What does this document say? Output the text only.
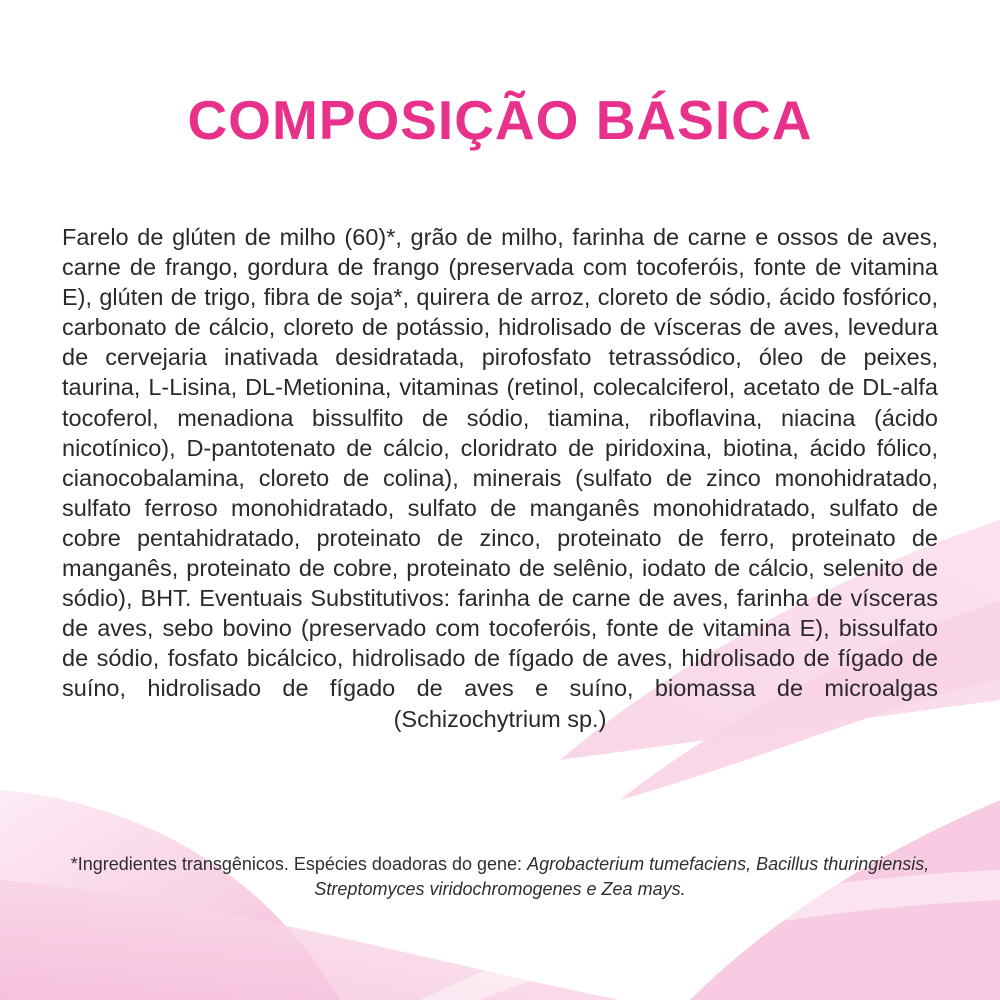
COMPOSIÇÃO BÁSICA
Farelo de glúten de milho (60)*, grão de milho, farinha de carne e ossos de aves, carne de frango, gordura de frango (preservada com tocoferóis, fonte de vitamina E), glúten de trigo, fibra de soja*, quirera de arroz, cloreto de sódio, ácido fosfórico, carbonato de cálcio, cloreto de potássio, hidrolisado de vísceras de aves, levedura de cervejaria inativada desidratada, pirofosfato tetrassódico, óleo de peixes, taurina, L-Lisina, DL-Metionina, vitaminas (retinol, colecalciferol, acetato de DL-alfa tocoferol, menadiona bissulfito de sódio, tiamina, riboflavina, niacina (ácido nicotínico), D-pantotenato de cálcio, cloridrato de piridoxina, biotina, ácido fólico, cianocobalamina, cloreto de colina), minerais (sulfato de zinco monohidratado, sulfato ferroso monohidratado, sulfato de manganês monohidratado, sulfato de cobre pentahidratado, proteinato de zinco, proteinato de ferro, proteinato de manganês, proteinato de cobre, proteinato de selênio, iodato de cálcio, selenito de sódio), BHT. Eventuais Substitutivos: farinha de carne de aves, farinha de vísceras de aves, sebo bovino (preservado com tocoferóis, fonte de vitamina E), bissulfato de sódio, fosfato bicálcico, hidrolisado de fígado de aves, hidrolisado de fígado de suíno, hidrolisado de fígado de aves e suíno, biomassa de microalgas (Schizochytrium sp.)
*Ingredientes transgênicos. Espécies doadoras do gene: Agrobacterium tumefaciens, Bacillus thuringiensis, Streptomyces viridochromogenes e Zea mays.
